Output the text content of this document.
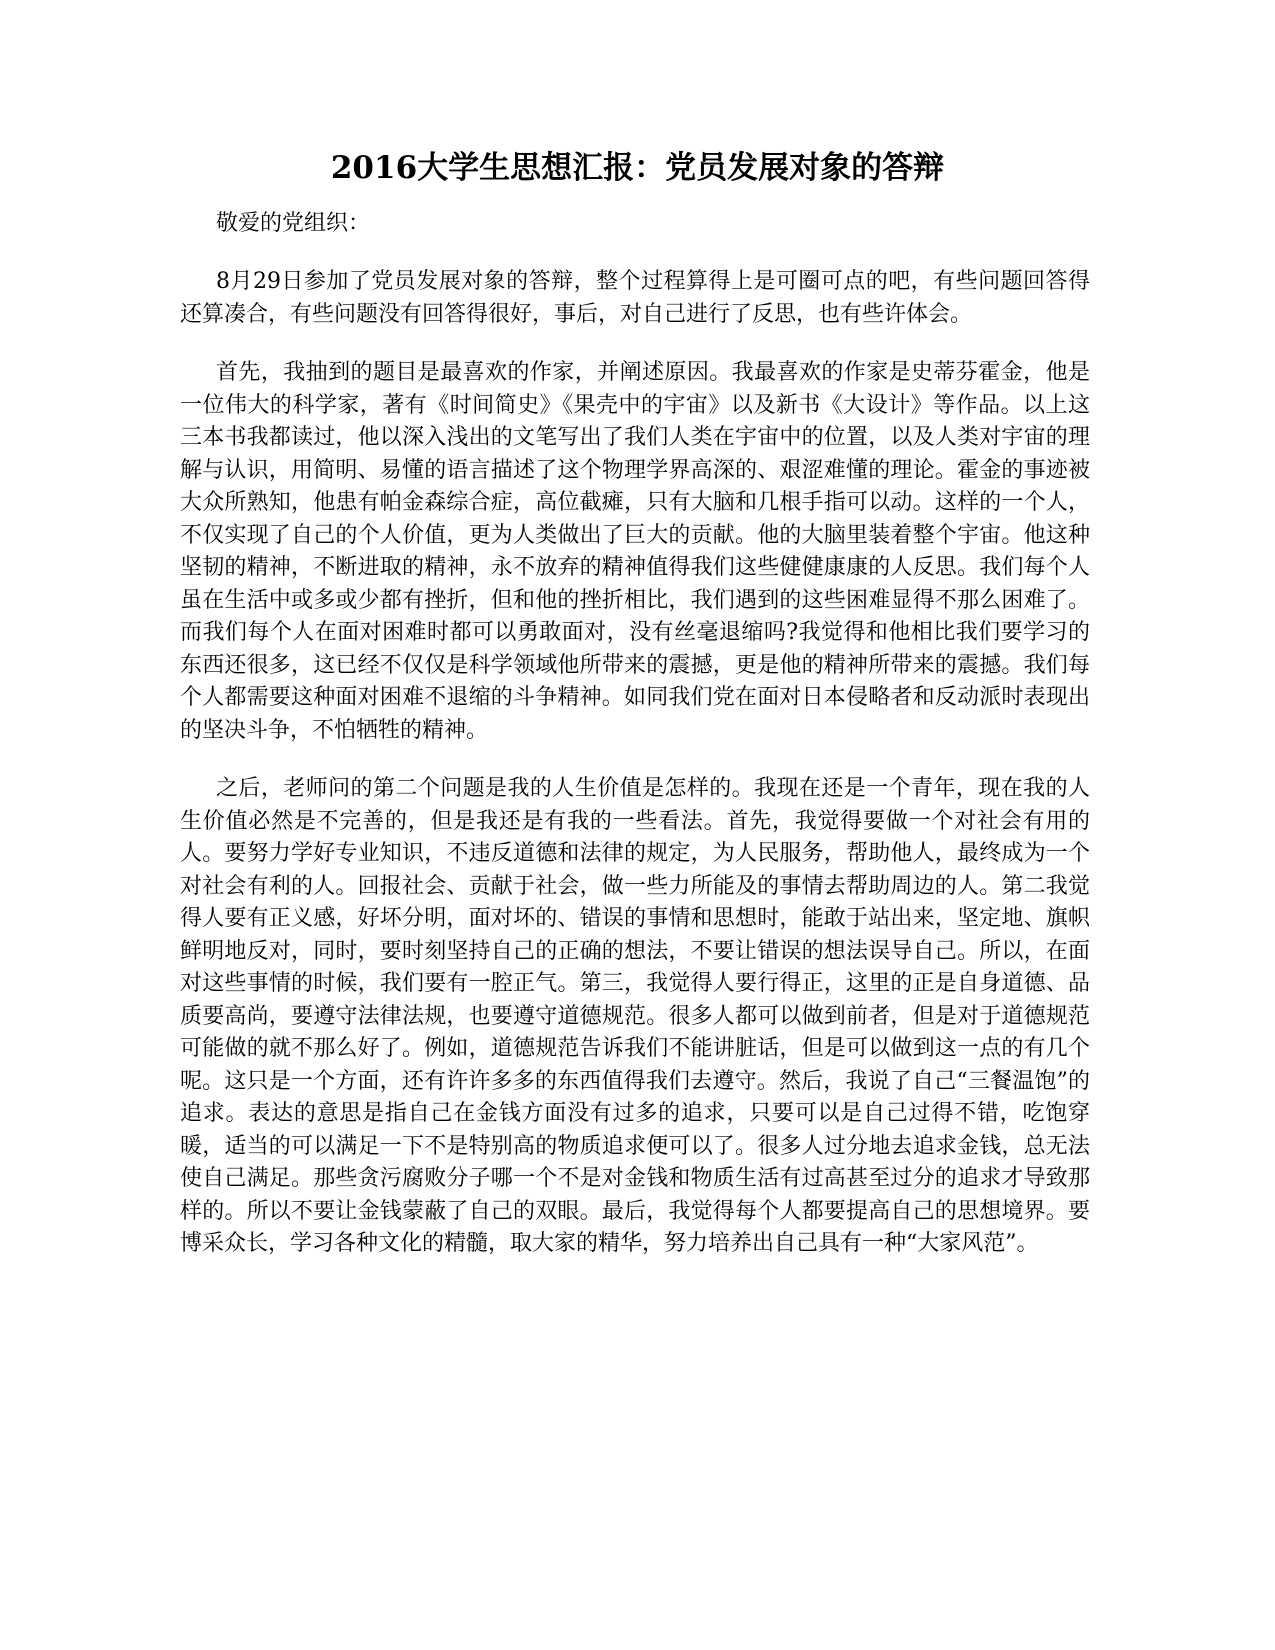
2016大学生思想汇报：党员发展对象的答辩

敬爱的党组织：

8月29日参加了党员发展对象的答辩，整个过程算得上是可圈可点的吧，有些问题回答得还算凑合，有些问题没有回答得很好，事后，对自己进行了反思，也有些许体会。

首先，我抽到的题目是最喜欢的作家，并阐述原因。我最喜欢的作家是史蒂芬霍金，他是一位伟大的科学家，著有《时间简史》《果壳中的宇宙》以及新书《大设计》等作品。以上这三本书我都读过，他以深入浅出的文笔写出了我们人类在宇宙中的位置，以及人类对宇宙的理解与认识，用简明、易懂的语言描述了这个物理学界高深的、艰涩难懂的理论。霍金的事迹被大众所熟知，他患有帕金森综合症，高位截瘫，只有大脑和几根手指可以动。这样的一个人，不仅实现了自己的个人价值，更为人类做出了巨大的贡献。他的大脑里装着整个宇宙。他这种坚韧的精神，不断进取的精神，永不放弃的精神值得我们这些健健康康的人反思。我们每个人虽在生活中或多或少都有挫折，但和他的挫折相比，我们遇到的这些困难显得不那么困难了。而我们每个人在面对困难时都可以勇敢面对，没有丝毫退缩吗?我觉得和他相比我们要学习的东西还很多，这已经不仅仅是科学领域他所带来的震撼，更是他的精神所带来的震撼。我们每个人都需要这种面对困难不退缩的斗争精神。如同我们党在面对日本侵略者和反动派时表现出的坚决斗争，不怕牺牲的精神。

之后，老师问的第二个问题是我的人生价值是怎样的。我现在还是一个青年，现在我的人生价值必然是不完善的，但是我还是有我的一些看法。首先，我觉得要做一个对社会有用的人。要努力学好专业知识，不违反道德和法律的规定，为人民服务，帮助他人，最终成为一个对社会有利的人。回报社会、贡献于社会，做一些力所能及的事情去帮助周边的人。第二我觉得人要有正义感，好坏分明，面对坏的、错误的事情和思想时，能敢于站出来，坚定地、旗帜鲜明地反对，同时，要时刻坚持自己的正确的想法，不要让错误的想法误导自己。所以，在面对这些事情的时候，我们要有一腔正气。第三，我觉得人要行得正，这里的正是自身道德、品质要高尚，要遵守法律法规，也要遵守道德规范。很多人都可以做到前者，但是对于道德规范可能做的就不那么好了。例如，道德规范告诉我们不能讲脏话，但是可以做到这一点的有几个呢。这只是一个方面，还有许许多多的东西值得我们去遵守。然后，我说了自己“三餐温饱”的追求。表达的意思是指自己在金钱方面没有过多的追求，只要可以是自己过得不错，吃饱穿暖，适当的可以满足一下不是特别高的物质追求便可以了。很多人过分地去追求金钱，总无法使自己满足。那些贪污腐败分子哪一个不是对金钱和物质生活有过高甚至过分的追求才导致那样的。所以不要让金钱蒙蔽了自己的双眼。最后，我觉得每个人都要提高自己的思想境界。要博采众长，学习各种文化的精髓，取大家的精华，努力培养出自己具有一种“大家风范”。
